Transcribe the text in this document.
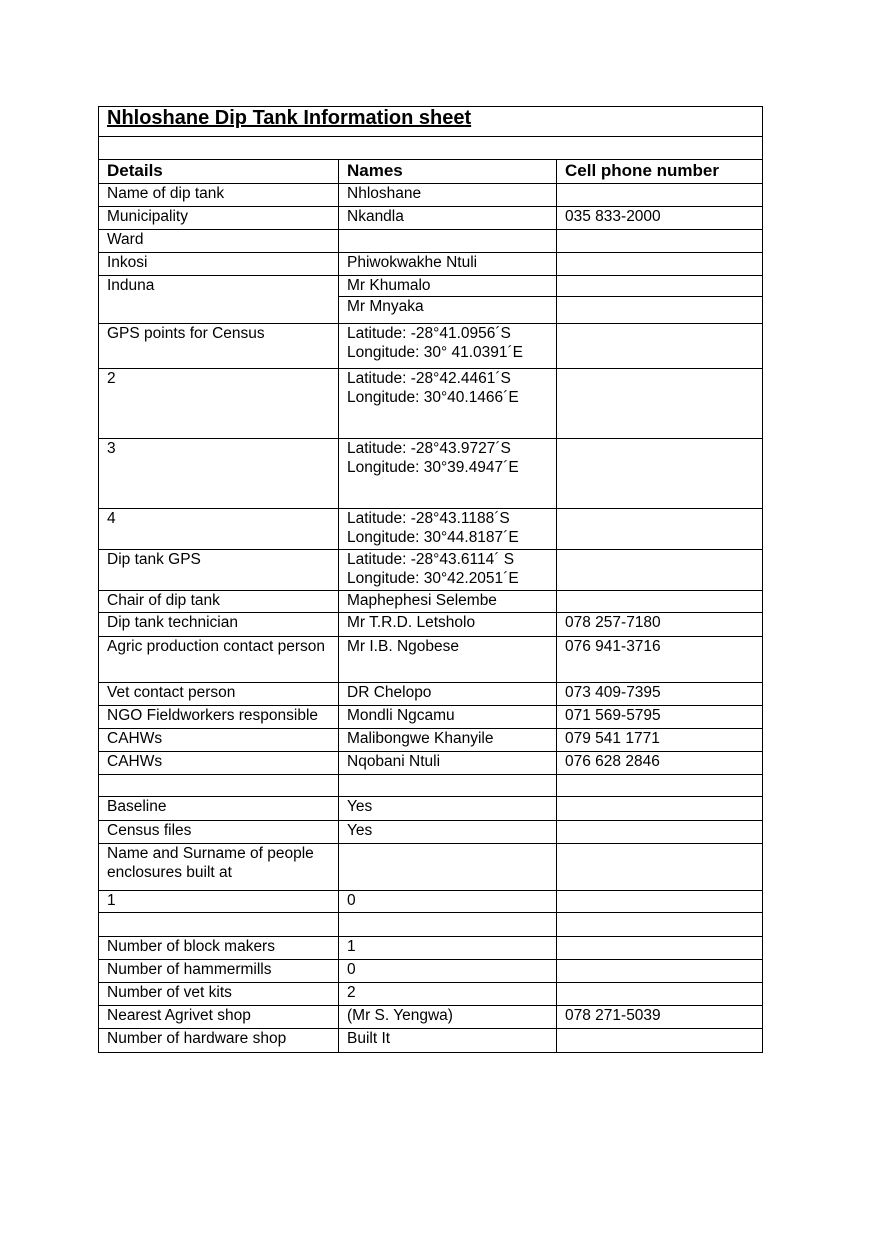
Nhloshane Dip Tank Information sheet		

Details	Names	Cell phone number
Name of dip tank	Nhloshane	
Municipality	Nkandla	035 833-2000
Ward		
Inkosi	Phiwokwakhe Ntuli	
Induna	Mr Khumalo	
	Mr Mnyaka	
GPS points for Census	Latitude: -28°41.0956´S
Longitude: 30° 41.0391´E	
2	Latitude: -28°42.4461´S
Longitude: 30°40.1466´E	
3	Latitude: -28°43.9727´S
Longitude: 30°39.4947´E	
4	Latitude: -28°43.1188´S
Longitude: 30°44.8187´E	
Dip tank GPS	Latitude: -28°43.6114´ S
Longitude: 30°42.2051´E	
Chair of dip tank	Maphephesi Selembe	
Dip tank technician	Mr T.R.D. Letsholo	078 257-7180
Agric production contact person	Mr I.B. Ngobese	076 941-3716
Vet contact person	DR Chelopo	073 409-7395
NGO Fieldworkers responsible	Mondli Ngcamu	071 569-5795
CAHWs	Malibongwe Khanyile	079 541 1771
CAHWs	Nqobani Ntuli	076 628 2846

Baseline	Yes	
Census files	Yes	
Name and Surname of people enclosures built at		
1	0	

Number of block makers	1	
Number of hammermills	0	
Number of vet kits	2	
Nearest Agrivet shop	(Mr S. Yengwa)	078 271-5039
Number of hardware shop	Built It	
